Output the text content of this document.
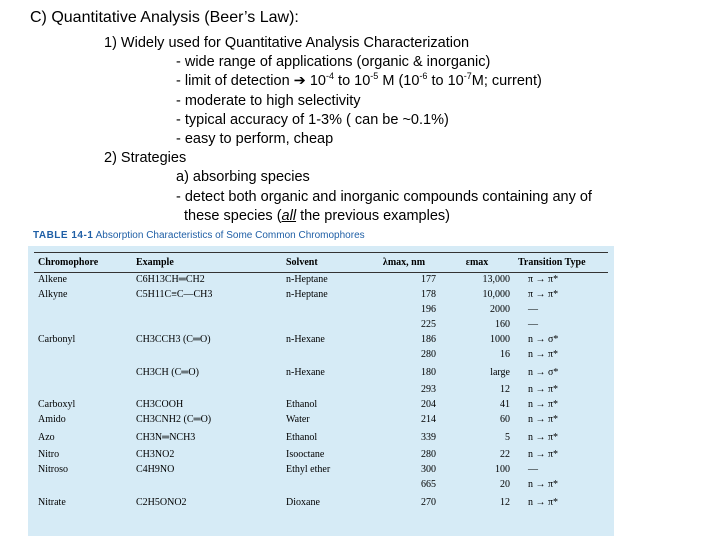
C) Quantitative Analysis (Beer’s Law):
1) Widely used for Quantitative Analysis Characterization
- wide range of applications (organic & inorganic)
- limit of detection ➔ $10^{-4}$ to $10^{-5}$ M ($10^{-6}$ to $10^{-7}M$; current)
- moderate to high selectivity
- typical accuracy of 1-3% ( can be ~0.1%)
- easy to perform, cheap
2) Strategies
a) absorbing species
- detect both organic and inorganic compounds containing any of
these species (all the previous examples)
TABLE 14-1 Absorption Characteristics of Some Common Chromophores
Chromophore	Example	Solvent	λmax, nm	εmax	Transition Type
Alkene	C6H13CH═CH2	n-Heptane	177	13,000	π → π*
Alkyne	C5H11C≡C—CH3	n-Heptane	178	10,000	π → π*
			196	2000	—
			225	160	—
Carbonyl	CH3CCH3 (C═O)	n-Hexane	186	1000	n → σ*
			280	16	n → π*
	CH3CH (C═O)	n-Hexane	180	large	n → σ*
			293	12	n → π*
Carboxyl	CH3COOH	Ethanol	204	41	n → π*
Amido	CH3CNH2 (C═O)	Water	214	60	n → π*
Azo	CH3N═NCH3	Ethanol	339	5	n → π*
Nitro	CH3NO2	Isooctane	280	22	n → π*
Nitroso	C4H9NO	Ethyl ether	300	100	—
			665	20	n → π*
Nitrate	C2H5ONO2	Dioxane	270	12	n → π*
